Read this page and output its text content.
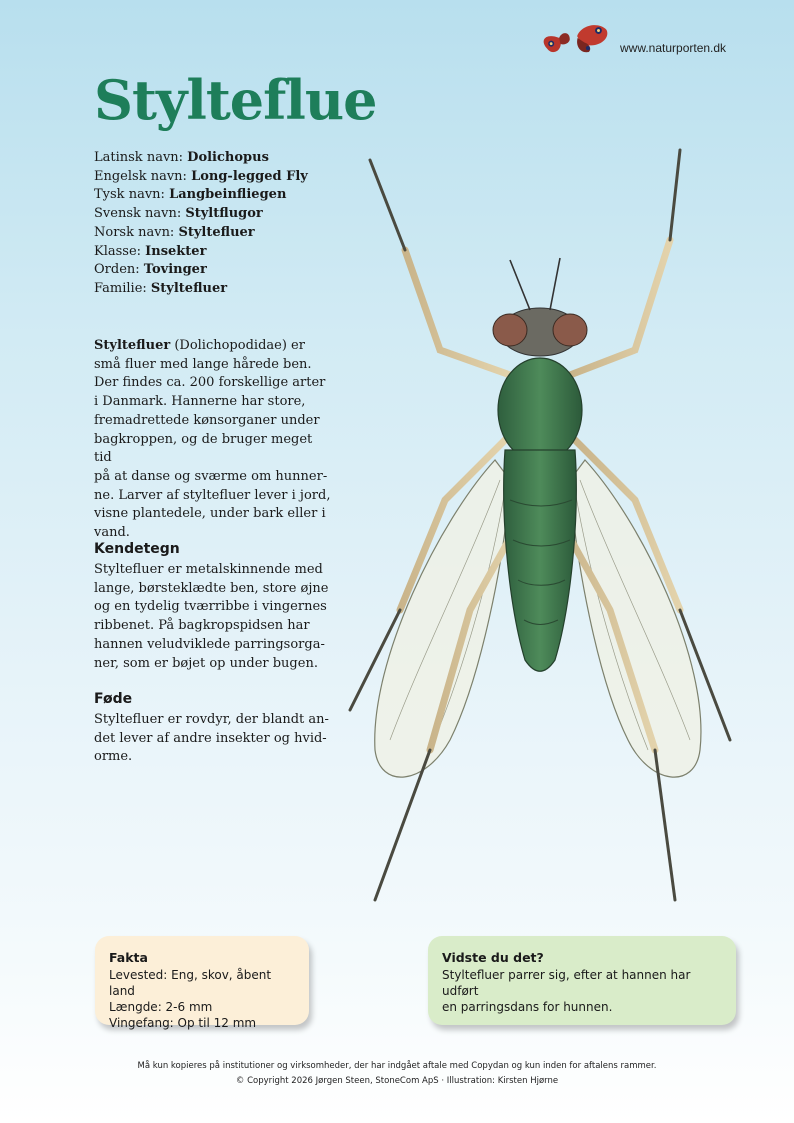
www.naturporten.dk
Stylteflue
Latinsk navn: Dolichopus
Engelsk navn: Long-legged Fly
Tysk navn: Langbeinfliegen
Svensk navn: Styltflugor
Norsk navn: Styltefluer
Klasse: Insekter
Orden: Tovinger
Familie: Styltefluer

Styltefluer (Dolichopodidae) er
små fluer med lange hårede ben.
Der findes ca. 200 forskellige arter
i Danmark. Hannerne har store,
fremadrettede kønsorganer under
bagkroppen, og de bruger meget tid
på at danse og sværme om hunner-
ne. Larver af styltefluer lever i jord,
visne plantedele, under bark eller i
vand.

Kendetegn

Styltefluer er metalskinnende med
lange, børsteklædte ben, store øjne
og en tydelig tværribbe i vingernes
ribbenet. På bagkropspidsen har
hannen veludviklede parringsorga-
ner, som er bøjet op under bugen.

Føde

Styltefluer er rovdyr, der blandt an-
det lever af andre insekter og hvid-
orme.

Fakta
Levested: Eng, skov, åbent land
Længde: 2-6 mm
Vingefang: Op til 12 mm
Vidste du det?
Styltefluer parrer sig, efter at hannen har udført
en parringsdans for hunnen.
Må kun kopieres på institutioner og virksomheder, der har indgået aftale med Copydan og kun inden for aftalens rammer.
© Copyright 2026 Jørgen Steen, StoneCom ApS · Illustration: Kirsten Hjørne
